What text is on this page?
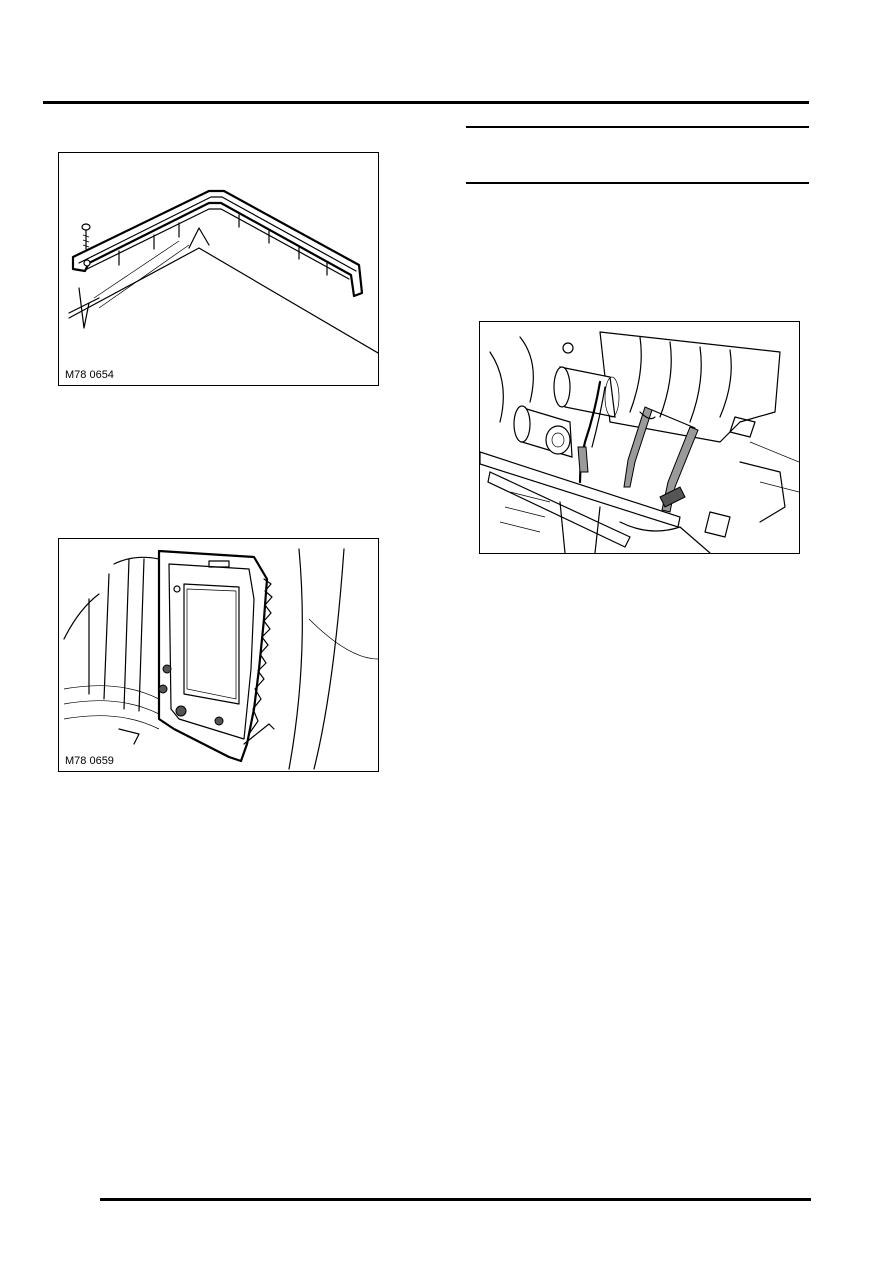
M78 0654
M78 0659
